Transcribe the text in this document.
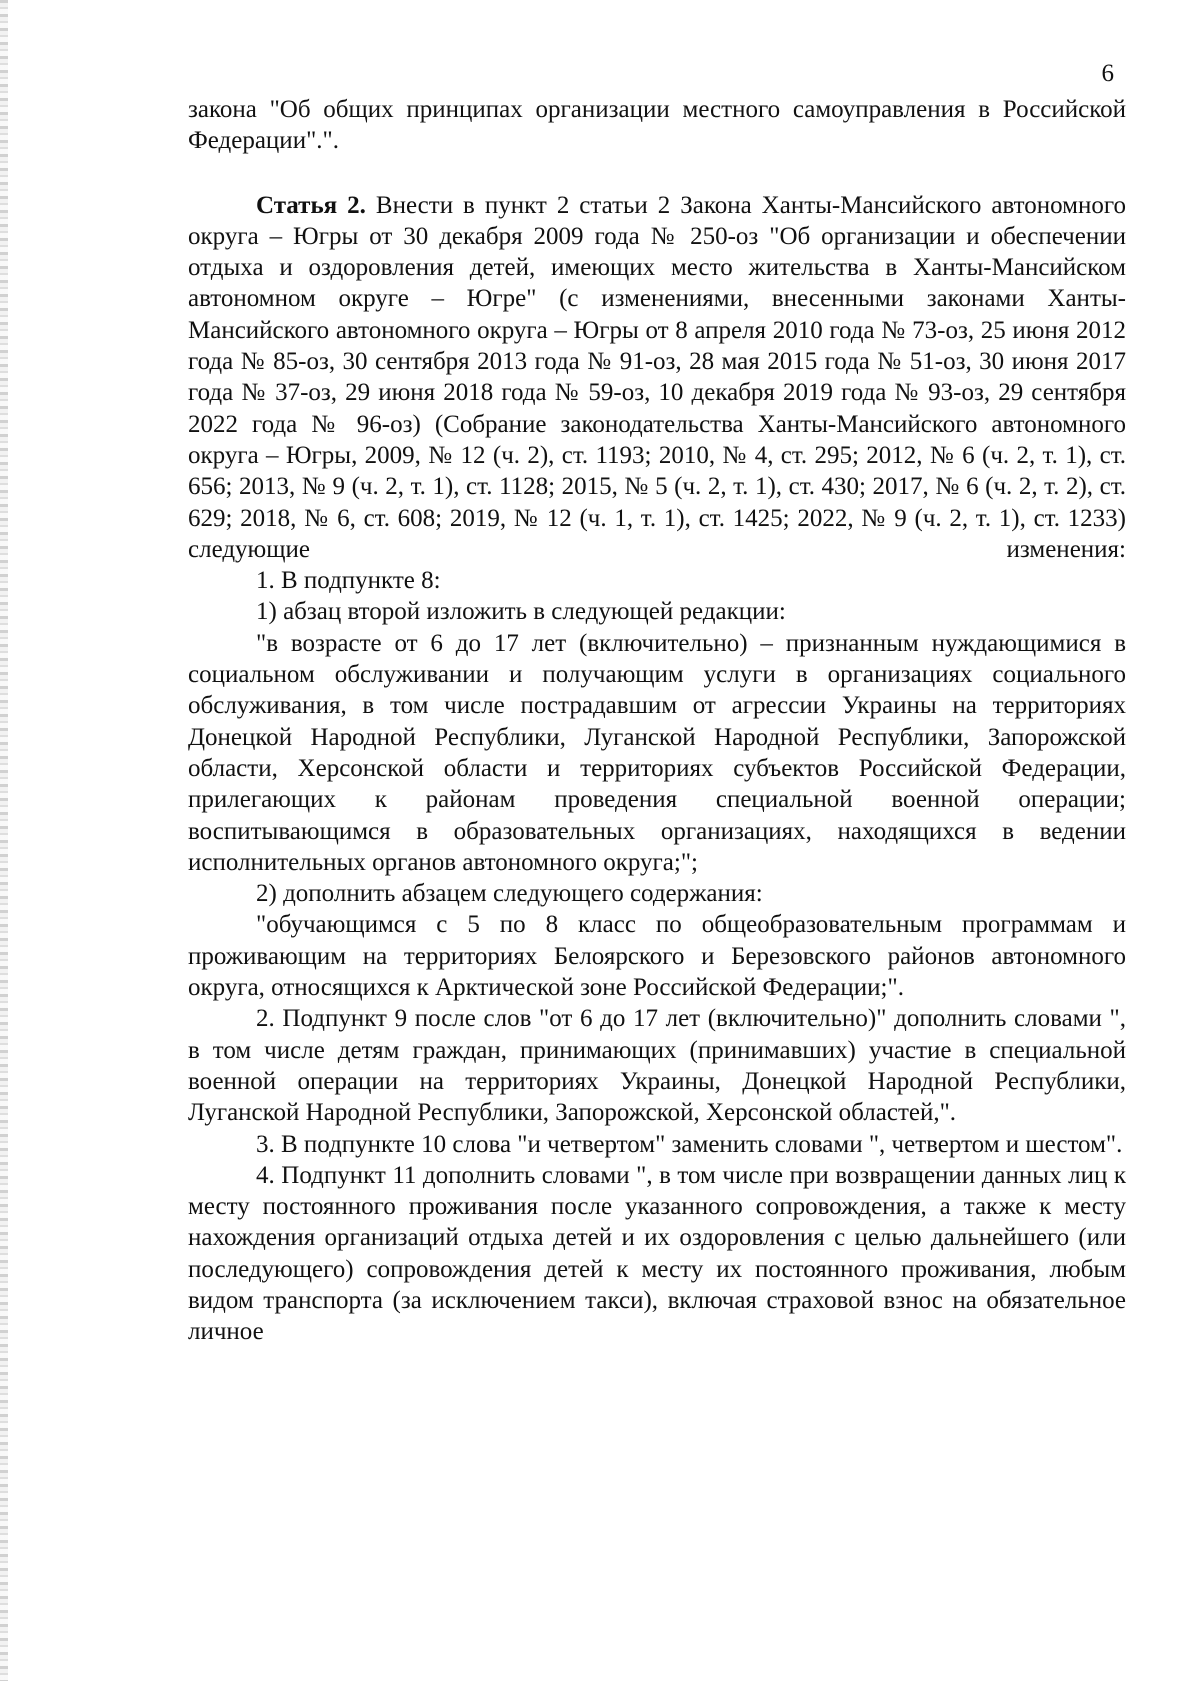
6

закона "Об общих принципах организации местного самоуправления в Российской Федерации".".

Статья 2. Внести в пункт 2 статьи 2 Закона Ханты-Мансийского автономного округа – Югры от 30 декабря 2009 года № 250-оз "Об организации и обеспечении отдыха и оздоровления детей, имеющих место жительства в Ханты-Мансийском автономном округе – Югре" (с изменениями, внесенными законами Ханты-Мансийского автономного округа – Югры от 8 апреля 2010 года № 73-оз, 25 июня 2012 года № 85-оз, 30 сентября 2013 года № 91-оз, 28 мая 2015 года № 51-оз, 30 июня 2017 года № 37-оз, 29 июня 2018 года № 59-оз, 10 декабря 2019 года № 93-оз, 29 сентября 2022 года № 96-оз) (Собрание законодательства Ханты-Мансийского автономного округа – Югры, 2009, № 12 (ч. 2), ст. 1193; 2010, № 4, ст. 295; 2012, № 6 (ч. 2, т. 1), ст. 656; 2013, № 9 (ч. 2, т. 1), ст. 1128; 2015, № 5 (ч. 2, т. 1), ст. 430; 2017, № 6 (ч. 2, т. 2), ст. 629; 2018, № 6, ст. 608; 2019, № 12 (ч. 1, т. 1), ст. 1425; 2022, № 9 (ч. 2, т. 1), ст. 1233) следующие изменения:

1. В подпункте 8:

1) абзац второй изложить в следующей редакции:

"в возрасте от 6 до 17 лет (включительно) – признанным нуждающимися в социальном обслуживании и получающим услуги в организациях социального обслуживания, в том числе пострадавшим от агрессии Украины на территориях Донецкой Народной Республики, Луганской Народной Республики, Запорожской области, Херсонской области и территориях субъектов Российской Федерации, прилегающих к районам проведения специальной военной операции; воспитывающимся в образовательных организациях, находящихся в ведении исполнительных органов автономного округа;";

2) дополнить абзацем следующего содержания:

"обучающимся с 5 по 8 класс по общеобразовательным программам и проживающим на территориях Белоярского и Березовского районов автономного округа, относящихся к Арктической зоне Российской Федерации;".

2. Подпункт 9 после слов "от 6 до 17 лет (включительно)" дополнить словами ", в том числе детям граждан, принимающих (принимавших) участие в специальной военной операции на территориях Украины, Донецкой Народной Республики, Луганской Народной Республики, Запорожской, Херсонской областей,".

3. В подпункте 10 слова "и четвертом" заменить словами ", четвертом и шестом".

4. Подпункт 11 дополнить словами ", в том числе при возвращении данных лиц к месту постоянного проживания после указанного сопровождения, а также к месту нахождения организаций отдыха детей и их оздоровления с целью дальнейшего (или последующего) сопровождения детей к месту их постоянного проживания, любым видом транспорта (за исключением такси), включая страховой взнос на обязательное личное
